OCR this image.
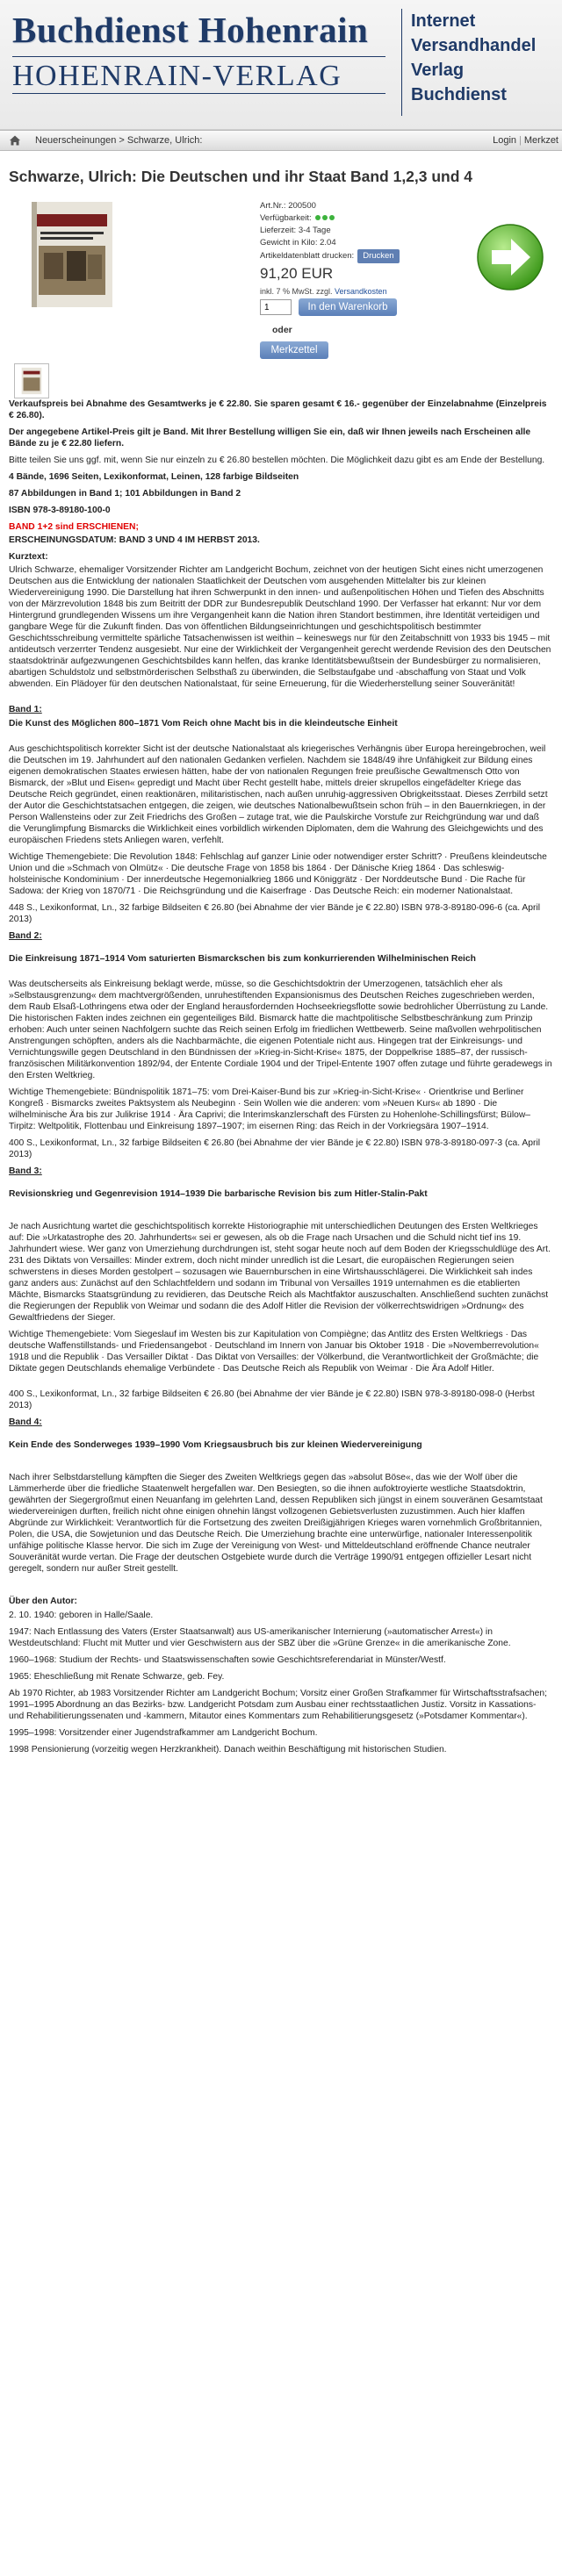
Buchdienst Hohenrain
HOHENRAIN-VERLAG
Internet
Versandhandel
Verlag
Buchdienst
Neuerscheinungen > Schwarze, Ulrich:	Login | Merkzet
Schwarze, Ulrich: Die Deutschen und ihr Staat Band 1,2,3 und 4
Art.Nr.: 200500
Verfügbarkeit:
Lieferzeit: 3-4 Tage
Gewicht in Kilo: 2.04
Artikeldatenblatt drucken: Drucken
91,20 EUR
inkl. 7 % MwSt. zzgl. Versandkosten
1
In den Warenkorb
oder
Merkzettel

Verkaufspreis bei Abnahme des Gesamtwerks je € 22.80. Sie sparen gesamt € 16.- gegenüber der Einzelabnahme (Einzelpreis € 26.80).

Der angegebene Artikel-Preis gilt je Band. Mit Ihrer Bestellung willigen Sie ein, daß wir Ihnen jeweils nach Erscheinen alle Bände zu je € 22.80 liefern.

Bitte teilen Sie uns ggf. mit, wenn Sie nur einzeln zu € 26.80 bestellen möchten. Die Möglichkeit dazu gibt es am Ende der Bestellung.

4 Bände, 1696 Seiten, Lexikonformat, Leinen, 128 farbige Bildseiten

87 Abbildungen in Band 1; 101 Abbildungen in Band 2

ISBN 978-3-89180-100-0

BAND 1+2 sind ERSCHIENEN;

ERSCHEINUNGSDATUM: BAND 3 UND 4 IM HERBST 2013.

Kurztext:

Ulrich Schwarze, ehemaliger Vorsitzender Richter am Landgericht Bochum, zeichnet von der heutigen Sicht eines nicht umerzogenen Deutschen aus die Entwicklung der nationalen Staatlichkeit der Deutschen vom ausgehenden Mittelalter bis zur kleinen Wiedervereinigung 1990. Die Darstellung hat ihren Schwerpunkt in den innen- und außenpolitischen Höhen und Tiefen des Abschnitts von der Märzrevolution 1848 bis zum Beitritt der DDR zur Bundesrepublik Deutschland 1990. Der Verfasser hat erkannt: Nur vor dem Hintergrund grundlegenden Wissens um ihre Vergangenheit kann die Nation ihren Standort bestimmen, ihre Identität verteidigen und gangbare Wege für die Zukunft finden. Das von öffentlichen Bildungseinrichtungen und geschichtspolitisch bestimmter Geschichtsschreibung vermittelte spärliche Tatsachenwissen ist weithin – keineswegs nur für den Zeitabschnitt von 1933 bis 1945 – mit antideutsch verzerrter Tendenz ausgesiebt. Nur eine der Wirklichkeit der Vergangenheit gerecht werdende Revision des den Deutschen staatsdoktrinär aufgezwungenen Geschichtsbildes kann helfen, das kranke Identitätsbewußtsein der Bundesbürger zu normalisieren, abartigen Schuldstolz und selbstmörderischen Selbsthaß zu überwinden, die Selbstaufgabe und -abschaffung von Staat und Volk abwenden. Ein Plädoyer für den deutschen Nationalstaat, für seine Erneuerung, für die Wiederherstellung seiner Souveränität!

Band 1:

Die Kunst des Möglichen 800–1871 Vom Reich ohne Macht bis in die kleindeutsche Einheit

Aus geschichtspolitisch korrekter Sicht ist der deutsche Nationalstaat als kriegerisches Verhängnis über Europa hereingebrochen, weil die Deutschen im 19. Jahrhundert auf den nationalen Gedanken verfielen. Nachdem sie 1848/49 ihre Unfähigkeit zur Bildung eines eigenen demokratischen Staates erwiesen hätten, habe der von nationalen Regungen freie preußische Gewaltmensch Otto von Bismarck, der »Blut und Eisen« gepredigt und Macht über Recht gestellt habe, mittels dreier skrupellos eingefädelter Kriege das Deutsche Reich gegründet, einen reaktionären, militaristischen, nach außen unruhig-aggressiven Obrigkeitsstaat. Dieses Zerrbild setzt der Autor die Geschichtstatsachen entgegen, die zeigen, wie deutsches Nationalbewußtsein schon früh – in den Bauernkriegen, in der Person Wallensteins oder zur Zeit Friedrichs des Großen – zutage trat, wie die Paulskirche Vorstufe zur Reichgründung war und daß die Verunglimpfung Bismarcks die Wirklichkeit eines vorbildlich wirkenden Diplomaten, dem die Wahrung des Gleichgewichts und des europäischen Friedens stets Anliegen waren, verfehlt.

Wichtige Themengebiete: Die Revolution 1848: Fehlschlag auf ganzer Linie oder notwendiger erster Schritt? · Preußens kleindeutsche Union und die »Schmach von Olmütz« · Die deutsche Frage von 1858 bis 1864 · Der Dänische Krieg 1864 · Das schleswig-holsteinische Kondominium · Der innerdeutsche Hegemonialkrieg 1866 und Königgrätz · Der Norddeutsche Bund · Die Rache für Sadowa: der Krieg von 1870/71 · Die Reichsgründung und die Kaiserfrage · Das Deutsche Reich: ein moderner Nationalstaat.

448 S., Lexikonformat, Ln., 32 farbige Bildseiten € 26.80 (bei Abnahme der vier Bände je € 22.80) ISBN 978-3-89180-096-6 (ca. April 2013)

Band 2:

Die Einkreisung 1871–1914 Vom saturierten Bismarckschen bis zum konkurrierenden Wilhelminischen Reich

Was deutscherseits als Einkreisung beklagt werde, müsse, so die Geschichtsdoktrin der Umerzogenen, tatsächlich eher als »Selbstausgrenzung« dem machtvergrößenden, unruhestiftenden Expansionismus des Deutschen Reiches zugeschrieben werden, dem Raub Elsaß-Lothringens etwa oder der England herausfordernden Hochseekriegsflotte sowie bedrohlicher Überrüstung zu Lande. Die historischen Fakten indes zeichnen ein gegenteiliges Bild. Bismarck hatte die machtpolitische Selbstbeschränkung zum Prinzip erhoben: Auch unter seinen Nachfolgern suchte das Reich seinen Erfolg im friedlichen Wettbewerb. Seine maßvollen wehrpolitischen Anstrengungen schöpften, anders als die Nachbarmächte, die eigenen Potentiale nicht aus. Hingegen trat der Einkreisungs- und Vernichtungswille gegen Deutschland in den Bündnissen der »Krieg-in-Sicht-Krise« 1875, der Doppelkrise 1885–87, der russisch-französischen Militärkonvention 1892/94, der Entente Cordiale 1904 und der Tripel-Entente 1907 offen zutage und führte geradewegs in den Ersten Weltkrieg.

Wichtige Themengebiete: Bündnispolitik 1871–75: vom Drei-Kaiser-Bund bis zur »Krieg-in-Sicht-Krise« · Orientkrise und Berliner Kongreß · Bismarcks zweites Paktsystem als Neubeginn · Sein Wollen wie die anderen: vom »Neuen Kurs« ab 1890 · Die wilhelminische Ära bis zur Julikrise 1914 · Ära Caprivi; die Interimskanzlerschaft des Fürsten zu Hohenlohe-Schillingsfürst; Bülow–Tirpitz: Weltpolitik, Flottenbau und Einkreisung 1897–1907; im eisernen Ring: das Reich in der Vorkriegsära 1907–1914.

400 S., Lexikonformat, Ln., 32 farbige Bildseiten € 26.80 (bei Abnahme der vier Bände je € 22.80) ISBN 978-3-89180-097-3 (ca. April 2013)

Band 3:

Revisionskrieg und Gegenrevision 1914–1939 Die barbarische Revision bis zum Hitler-Stalin-Pakt

Je nach Ausrichtung wartet die geschichtspolitisch korrekte Historiographie mit unterschiedlichen Deutungen des Ersten Weltkrieges auf: Die »Urkatastrophe des 20. Jahrhunderts« sei er gewesen, als ob die Frage nach Ursachen und die Schuld nicht tief ins 19. Jahrhundert wiese. Wer ganz von Umerziehung durchdrungen ist, steht sogar heute noch auf dem Boden der Kriegsschuldlüge des Art. 231 des Diktats von Versailles: Minder extrem, doch nicht minder unredlich ist die Lesart, die europäischen Regierungen seien schwerstens in dieses Morden gestolpert – sozusagen wie Bauernburschen in eine Wirtshausschlägerei. Die Wirklichkeit sah indes ganz anders aus: Zunächst auf den Schlachtfeldern und sodann im Tribunal von Versailles 1919 unternahmen es die etablierten Mächte, Bismarcks Staatsgründung zu revidieren, das Deutsche Reich als Machtfaktor auszuschalten. Anschließend suchten zunächst die Regierungen der Republik von Weimar und sodann die des Adolf Hitler die Revision der völkerrechtswidrigen »Ordnung« des Gewaltfriedens der Sieger.

Wichtige Themengebiete: Vom Siegeslauf im Westen bis zur Kapitulation von Compiègne; das Antlitz des Ersten Weltkriegs · Das deutsche Waffenstillstands- und Friedensangebot · Deutschland im Innern von Januar bis Oktober 1918 · Die »Novemberrevolution« 1918 und die Republik · Das Versailler Diktat · Das Diktat von Versailles: der Völkerbund, die Verantwortlichkeit der Großmächte; die Diktate gegen Deutschlands ehemalige Verbündete · Das Deutsche Reich als Republik von Weimar · Die Ära Adolf Hitler.

400 S., Lexikonformat, Ln., 32 farbige Bildseiten € 26.80 (bei Abnahme der vier Bände je € 22.80) ISBN 978-3-89180-098-0 (Herbst 2013)

Band 4:

Kein Ende des Sonderweges 1939–1990 Vom Kriegsausbruch bis zur kleinen Wiedervereinigung

Nach ihrer Selbstdarstellung kämpften die Sieger des Zweiten Weltkriegs gegen das »absolut Böse«, das wie der Wolf über die Lämmerherde über die friedliche Staatenwelt hergefallen war. Den Besiegten, so die ihnen aufoktroyierte westliche Staatsdoktrin, gewährten der Siegergroßmut einen Neuanfang im gelehrten Land, dessen Republiken sich jüngst in einem souveränen Gesamtstaat wiedervereinigen durften, freilich nicht ohne einigen ohnehin längst vollzogenen Gebietsverlusten zuzustimmen. Auch hier klaffen Abgründe zur Wirklichkeit: Verantwortlich für die Fortsetzung des zweiten Dreißigjährigen Krieges waren vornehmlich Großbritannien, Polen, die USA, die Sowjetunion und das Deutsche Reich. Die Umerziehung brachte eine unterwürfige, nationaler Interessenpolitik unfähige politische Klasse hervor. Die sich im Zuge der Vereinigung von West- und Mitteldeutschland eröffnende Chance neutraler Souveränität wurde vertan. Die Frage der deutschen Ostgebiete wurde durch die Verträge 1990/91 entgegen offizieller Lesart nicht geregelt, sondern nur außer Streit gestellt.

Über den Autor:

2. 10. 1940: geboren in Halle/Saale.

1947: Nach Entlassung des Vaters (Erster Staatsanwalt) aus US-amerikanischer Internierung (»automatischer Arrest«) in Westdeutschland: Flucht mit Mutter und vier Geschwistern aus der SBZ über die »Grüne Grenze« in die amerikanische Zone.

1960–1968: Studium der Rechts- und Staatswissenschaften sowie Geschichtsreferendariat in Münster/Westf.

1965: Eheschließung mit Renate Schwarze, geb. Fey.

Ab 1970 Richter, ab 1983 Vorsitzender Richter am Landgericht Bochum; Vorsitz einer Großen Strafkammer für Wirtschaftsstrafsachen; 1991–1995 Abordnung an das Bezirks- bzw. Landgericht Potsdam zum Ausbau einer rechtsstaatlichen Justiz. Vorsitz in Kassations- und Rehabilitierungssenaten und -kammern, Mitautor eines Kommentars zum Rehabilitierungsgesetz (»Potsdamer Kommentar«).

1995–1998: Vorsitzender einer Jugendstrafkammer am Landgericht Bochum.

1998 Pensionierung (vorzeitig wegen Herzkrankheit). Danach weithin Beschäftigung mit historischen Studien.
